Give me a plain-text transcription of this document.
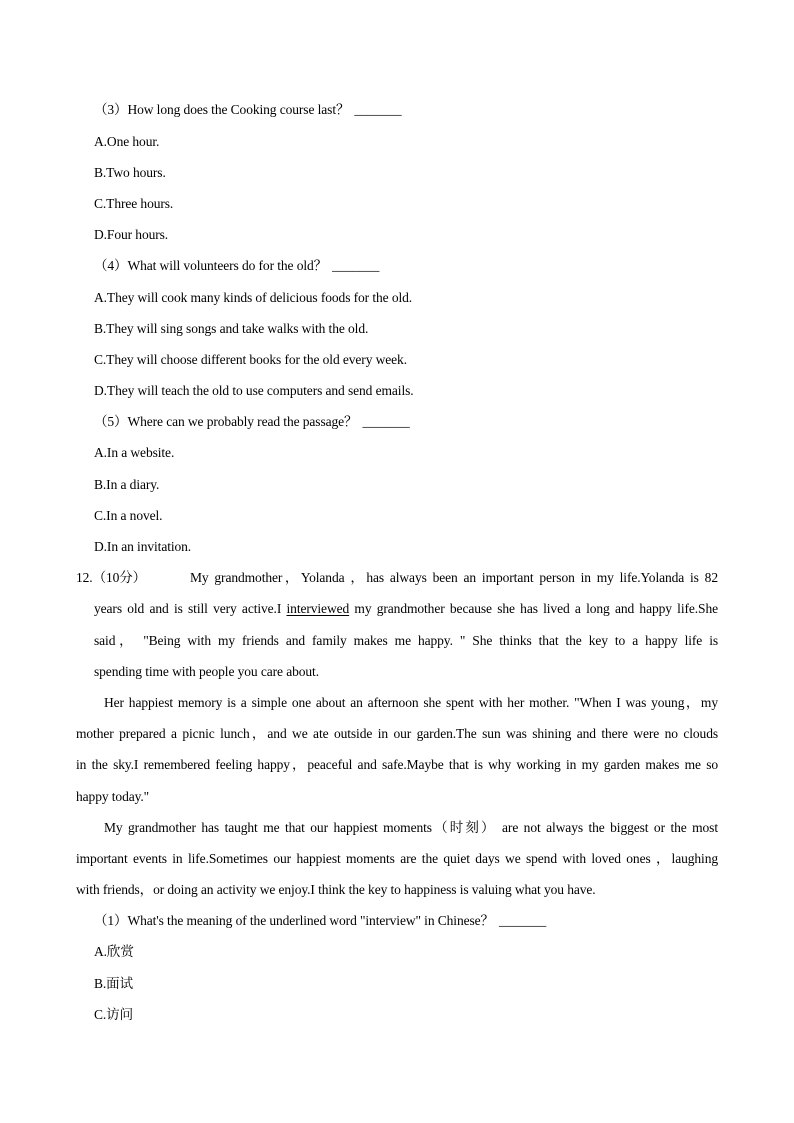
（3）How long does the Cooking course last？ _______
A.One hour.
B.Two hours.
C.Three hours.
D.Four hours.
（4）What will volunteers do for the old？ _______
A.They will cook many kinds of delicious foods for the old.
B.They will sing songs and take walks with the old.
C.They will choose different books for the old every week.
D.They will teach the old to use computers and send emails.
（5）Where can we probably read the passage？ _______
A.In a website.
B.In a diary.
C.In a novel.
D.In an invitation.
12.（10分）	My grandmother，Yolanda ，has always been an important person in my life.Yolanda is 82
years old and is still very active.I interviewed my grandmother because she has lived a long and happy life.She
said， "Being with my friends and family makes me happy. " She thinks that the key to a happy life is
spending time with people you care about.
Her happiest memory is a simple one about an afternoon she spent with her mother. "When I was young，my
mother prepared a picnic lunch，and we ate outside in our garden.The sun was shining and there were no clouds
in the sky.I remembered feeling happy，peaceful and safe.Maybe that is why working in my garden makes me so
happy today."
My grandmother has taught me that our happiest moments（时刻） are not always the biggest or the most
important events in life.Sometimes our happiest moments are the quiet days we spend with loved ones ，laughing
with friends，or doing an activity we enjoy.I think the key to happiness is valuing what you have.
（1）What's the meaning of the underlined word "interview" in Chinese？ _______
A.欣赏
B.面试
C.访问
